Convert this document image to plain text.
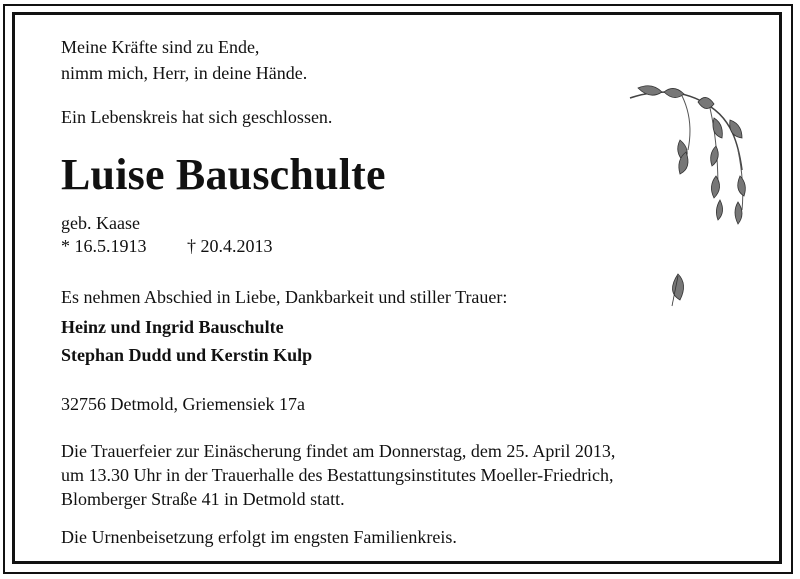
Meine Kräfte sind zu Ende,

nimm mich, Herr, in deine Hände.

Ein Lebenskreis hat sich geschlossen.

Luise Bauschulte

geb. Kaase

* 16.5.1913 † 20.4.2013

Es nehmen Abschied in Liebe, Dankbarkeit und stiller Trauer:

Heinz und Ingrid Bauschulte

Stephan Dudd und Kerstin Kulp

32756 Detmold, Griemensiek 17a

Die Trauerfeier zur Einäscherung findet am Donnerstag, dem 25. April 2013,

um 13.30 Uhr in der Trauerhalle des Bestattungsinstitutes Moeller-Friedrich,

Blomberger Straße 41 in Detmold statt.

Die Urnenbeisetzung erfolgt im engsten Familienkreis.
